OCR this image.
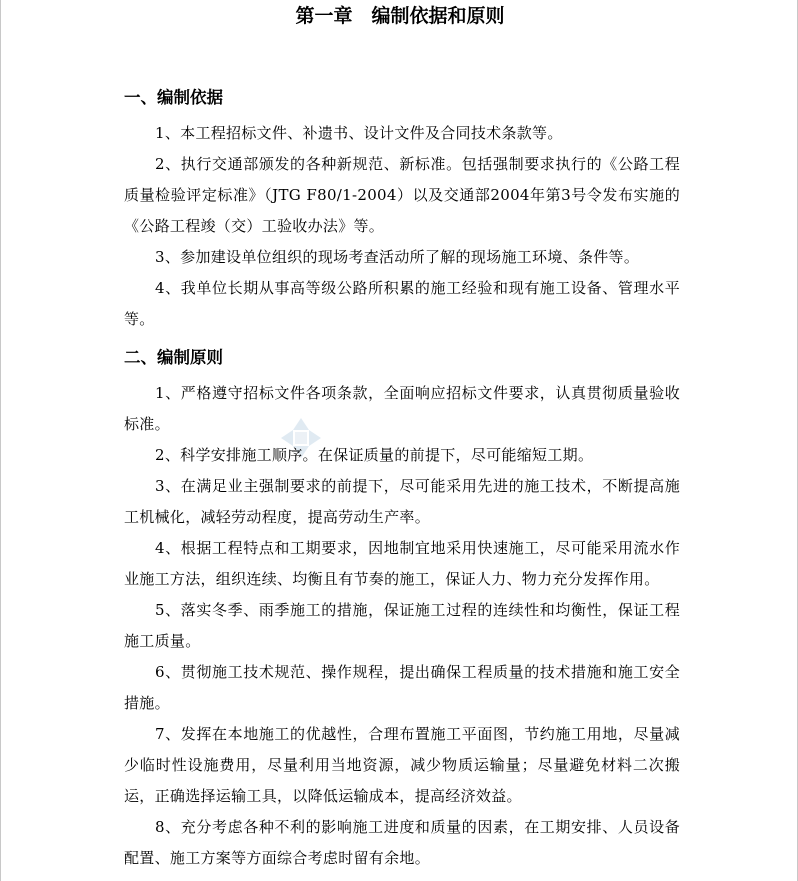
第一章　编制依据和原则
一、编制依据
1、本工程招标文件、补遗书、设计文件及合同技术条款等。
2、执行交通部颁发的各种新规范、新标准。包括强制要求执行的《公路工程质量检验评定标准》（JTG F80/1-2004）以及交通部2004年第3号令发布实施的《公路工程竣（交）工验收办法》等。
3、参加建设单位组织的现场考查活动所了解的现场施工环境、条件等。
4、我单位长期从事高等级公路所积累的施工经验和现有施工设备、管理水平等。
二、编制原则
1、严格遵守招标文件各项条款，全面响应招标文件要求，认真贯彻质量验收标准。
2、科学安排施工顺序。在保证质量的前提下，尽可能缩短工期。
3、在满足业主强制要求的前提下，尽可能采用先进的施工技术，不断提高施工机械化，减轻劳动程度，提高劳动生产率。
4、根据工程特点和工期要求，因地制宜地采用快速施工，尽可能采用流水作业施工方法，组织连续、均衡且有节奏的施工，保证人力、物力充分发挥作用。
5、落实冬季、雨季施工的措施，保证施工过程的连续性和均衡性，保证工程施工质量。
6、贯彻施工技术规范、操作规程，提出确保工程质量的技术措施和施工安全措施。
7、发挥在本地施工的优越性，合理布置施工平面图，节约施工用地，尽量减少临时性设施费用，尽量利用当地资源，减少物质运输量；尽量避免材料二次搬运，正确选择运输工具，以降低运输成本，提高经济效益。
8、充分考虑各种不利的影响施工进度和质量的因素，在工期安排、人员设备配置、施工方案等方面综合考虑时留有余地。
